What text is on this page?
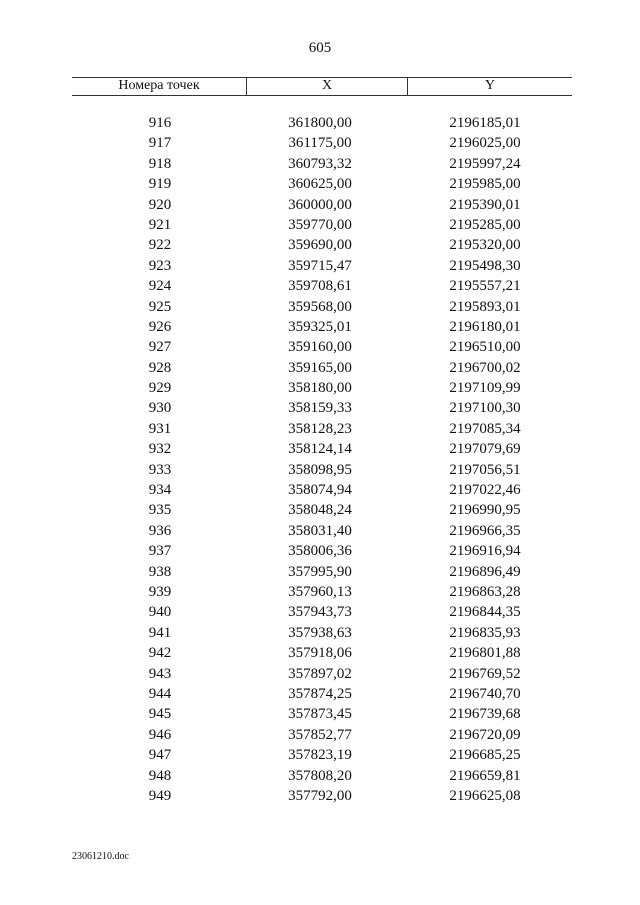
605
Номера точек	X	Y
916	361800,00	2196185,01
917	361175,00	2196025,00
918	360793,32	2195997,24
919	360625,00	2195985,00
920	360000,00	2195390,01
921	359770,00	2195285,00
922	359690,00	2195320,00
923	359715,47	2195498,30
924	359708,61	2195557,21
925	359568,00	2195893,01
926	359325,01	2196180,01
927	359160,00	2196510,00
928	359165,00	2196700,02
929	358180,00	2197109,99
930	358159,33	2197100,30
931	358128,23	2197085,34
932	358124,14	2197079,69
933	358098,95	2197056,51
934	358074,94	2197022,46
935	358048,24	2196990,95
936	358031,40	2196966,35
937	358006,36	2196916,94
938	357995,90	2196896,49
939	357960,13	2196863,28
940	357943,73	2196844,35
941	357938,63	2196835,93
942	357918,06	2196801,88
943	357897,02	2196769,52
944	357874,25	2196740,70
945	357873,45	2196739,68
946	357852,77	2196720,09
947	357823,19	2196685,25
948	357808,20	2196659,81
949	357792,00	2196625,08
23061210.doc
